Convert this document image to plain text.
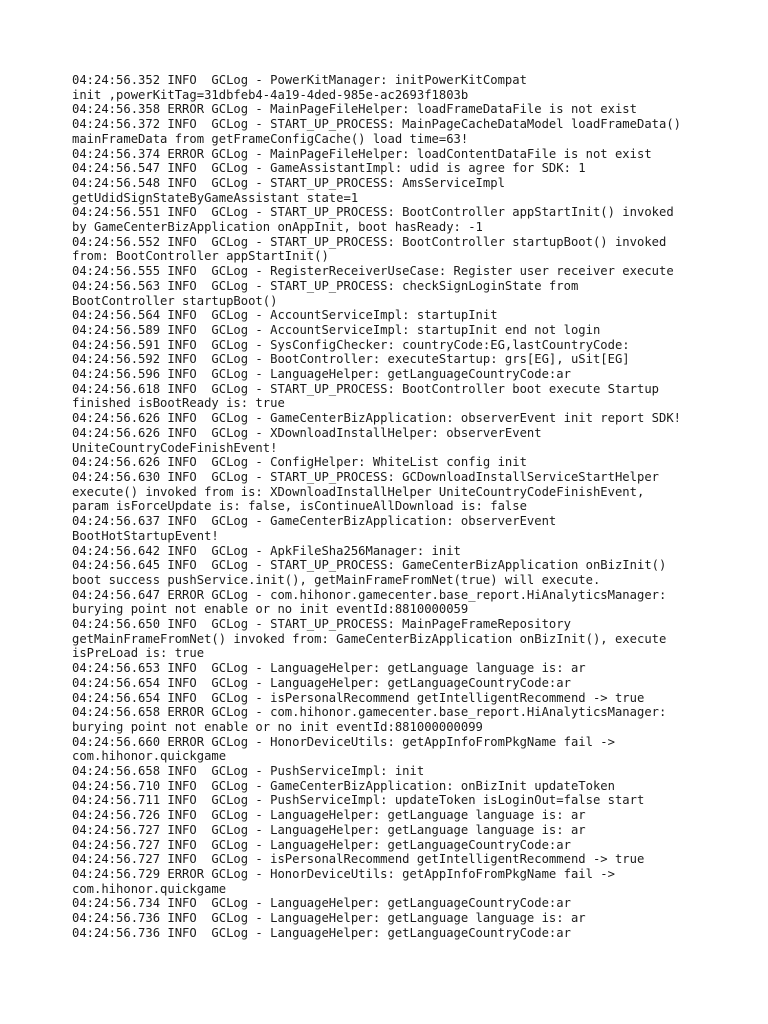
04:24:56.352 INFO  GCLog - PowerKitManager: initPowerKitCompat
init ,powerKitTag=31dbfeb4-4a19-4ded-985e-ac2693f1803b
04:24:56.358 ERROR GCLog - MainPageFileHelper: loadFrameDataFile is not exist
04:24:56.372 INFO  GCLog - START_UP_PROCESS: MainPageCacheDataModel loadFrameData()
mainFrameData from getFrameConfigCache() load time=63!
04:24:56.374 ERROR GCLog - MainPageFileHelper: loadContentDataFile is not exist
04:24:56.547 INFO  GCLog - GameAssistantImpl: udid is agree for SDK: 1
04:24:56.548 INFO  GCLog - START_UP_PROCESS: AmsServiceImpl
getUdidSignStateByGameAssistant state=1
04:24:56.551 INFO  GCLog - START_UP_PROCESS: BootController appStartInit() invoked
by GameCenterBizApplication onAppInit, boot hasReady: -1
04:24:56.552 INFO  GCLog - START_UP_PROCESS: BootController startupBoot() invoked
from: BootController appStartInit()
04:24:56.555 INFO  GCLog - RegisterReceiverUseCase: Register user receiver execute
04:24:56.563 INFO  GCLog - START_UP_PROCESS: checkSignLoginState from
BootController startupBoot()
04:24:56.564 INFO  GCLog - AccountServiceImpl: startupInit
04:24:56.589 INFO  GCLog - AccountServiceImpl: startupInit end not login
04:24:56.591 INFO  GCLog - SysConfigChecker: countryCode:EG,lastCountryCode:
04:24:56.592 INFO  GCLog - BootController: executeStartup: grs[EG], uSit[EG]
04:24:56.596 INFO  GCLog - LanguageHelper: getLanguageCountryCode:ar
04:24:56.618 INFO  GCLog - START_UP_PROCESS: BootController boot execute Startup
finished isBootReady is: true
04:24:56.626 INFO  GCLog - GameCenterBizApplication: observerEvent init report SDK!
04:24:56.626 INFO  GCLog - XDownloadInstallHelper: observerEvent
UniteCountryCodeFinishEvent!
04:24:56.626 INFO  GCLog - ConfigHelper: WhiteList config init
04:24:56.630 INFO  GCLog - START_UP_PROCESS: GCDownloadInstallServiceStartHelper
execute() invoked from is: XDownloadInstallHelper UniteCountryCodeFinishEvent,
param isForceUpdate is: false, isContinueAllDownload is: false
04:24:56.637 INFO  GCLog - GameCenterBizApplication: observerEvent
BootHotStartupEvent!
04:24:56.642 INFO  GCLog - ApkFileSha256Manager: init
04:24:56.645 INFO  GCLog - START_UP_PROCESS: GameCenterBizApplication onBizInit()
boot success pushService.init(), getMainFrameFromNet(true) will execute.
04:24:56.647 ERROR GCLog - com.hihonor.gamecenter.base_report.HiAnalyticsManager:
burying point not enable or no init eventId:8810000059
04:24:56.650 INFO  GCLog - START_UP_PROCESS: MainPageFrameRepository
getMainFrameFromNet() invoked from: GameCenterBizApplication onBizInit(), execute
isPreLoad is: true
04:24:56.653 INFO  GCLog - LanguageHelper: getLanguage language is: ar
04:24:56.654 INFO  GCLog - LanguageHelper: getLanguageCountryCode:ar
04:24:56.654 INFO  GCLog - isPersonalRecommend getIntelligentRecommend -> true
04:24:56.658 ERROR GCLog - com.hihonor.gamecenter.base_report.HiAnalyticsManager:
burying point not enable or no init eventId:881000000099
04:24:56.660 ERROR GCLog - HonorDeviceUtils: getAppInfoFromPkgName fail ->
com.hihonor.quickgame
04:24:56.658 INFO  GCLog - PushServiceImpl: init
04:24:56.710 INFO  GCLog - GameCenterBizApplication: onBizInit updateToken
04:24:56.711 INFO  GCLog - PushServiceImpl: updateToken isLoginOut=false start
04:24:56.726 INFO  GCLog - LanguageHelper: getLanguage language is: ar
04:24:56.727 INFO  GCLog - LanguageHelper: getLanguage language is: ar
04:24:56.727 INFO  GCLog - LanguageHelper: getLanguageCountryCode:ar
04:24:56.727 INFO  GCLog - isPersonalRecommend getIntelligentRecommend -> true
04:24:56.729 ERROR GCLog - HonorDeviceUtils: getAppInfoFromPkgName fail ->
com.hihonor.quickgame
04:24:56.734 INFO  GCLog - LanguageHelper: getLanguageCountryCode:ar
04:24:56.736 INFO  GCLog - LanguageHelper: getLanguage language is: ar
04:24:56.736 INFO  GCLog - LanguageHelper: getLanguageCountryCode:ar
